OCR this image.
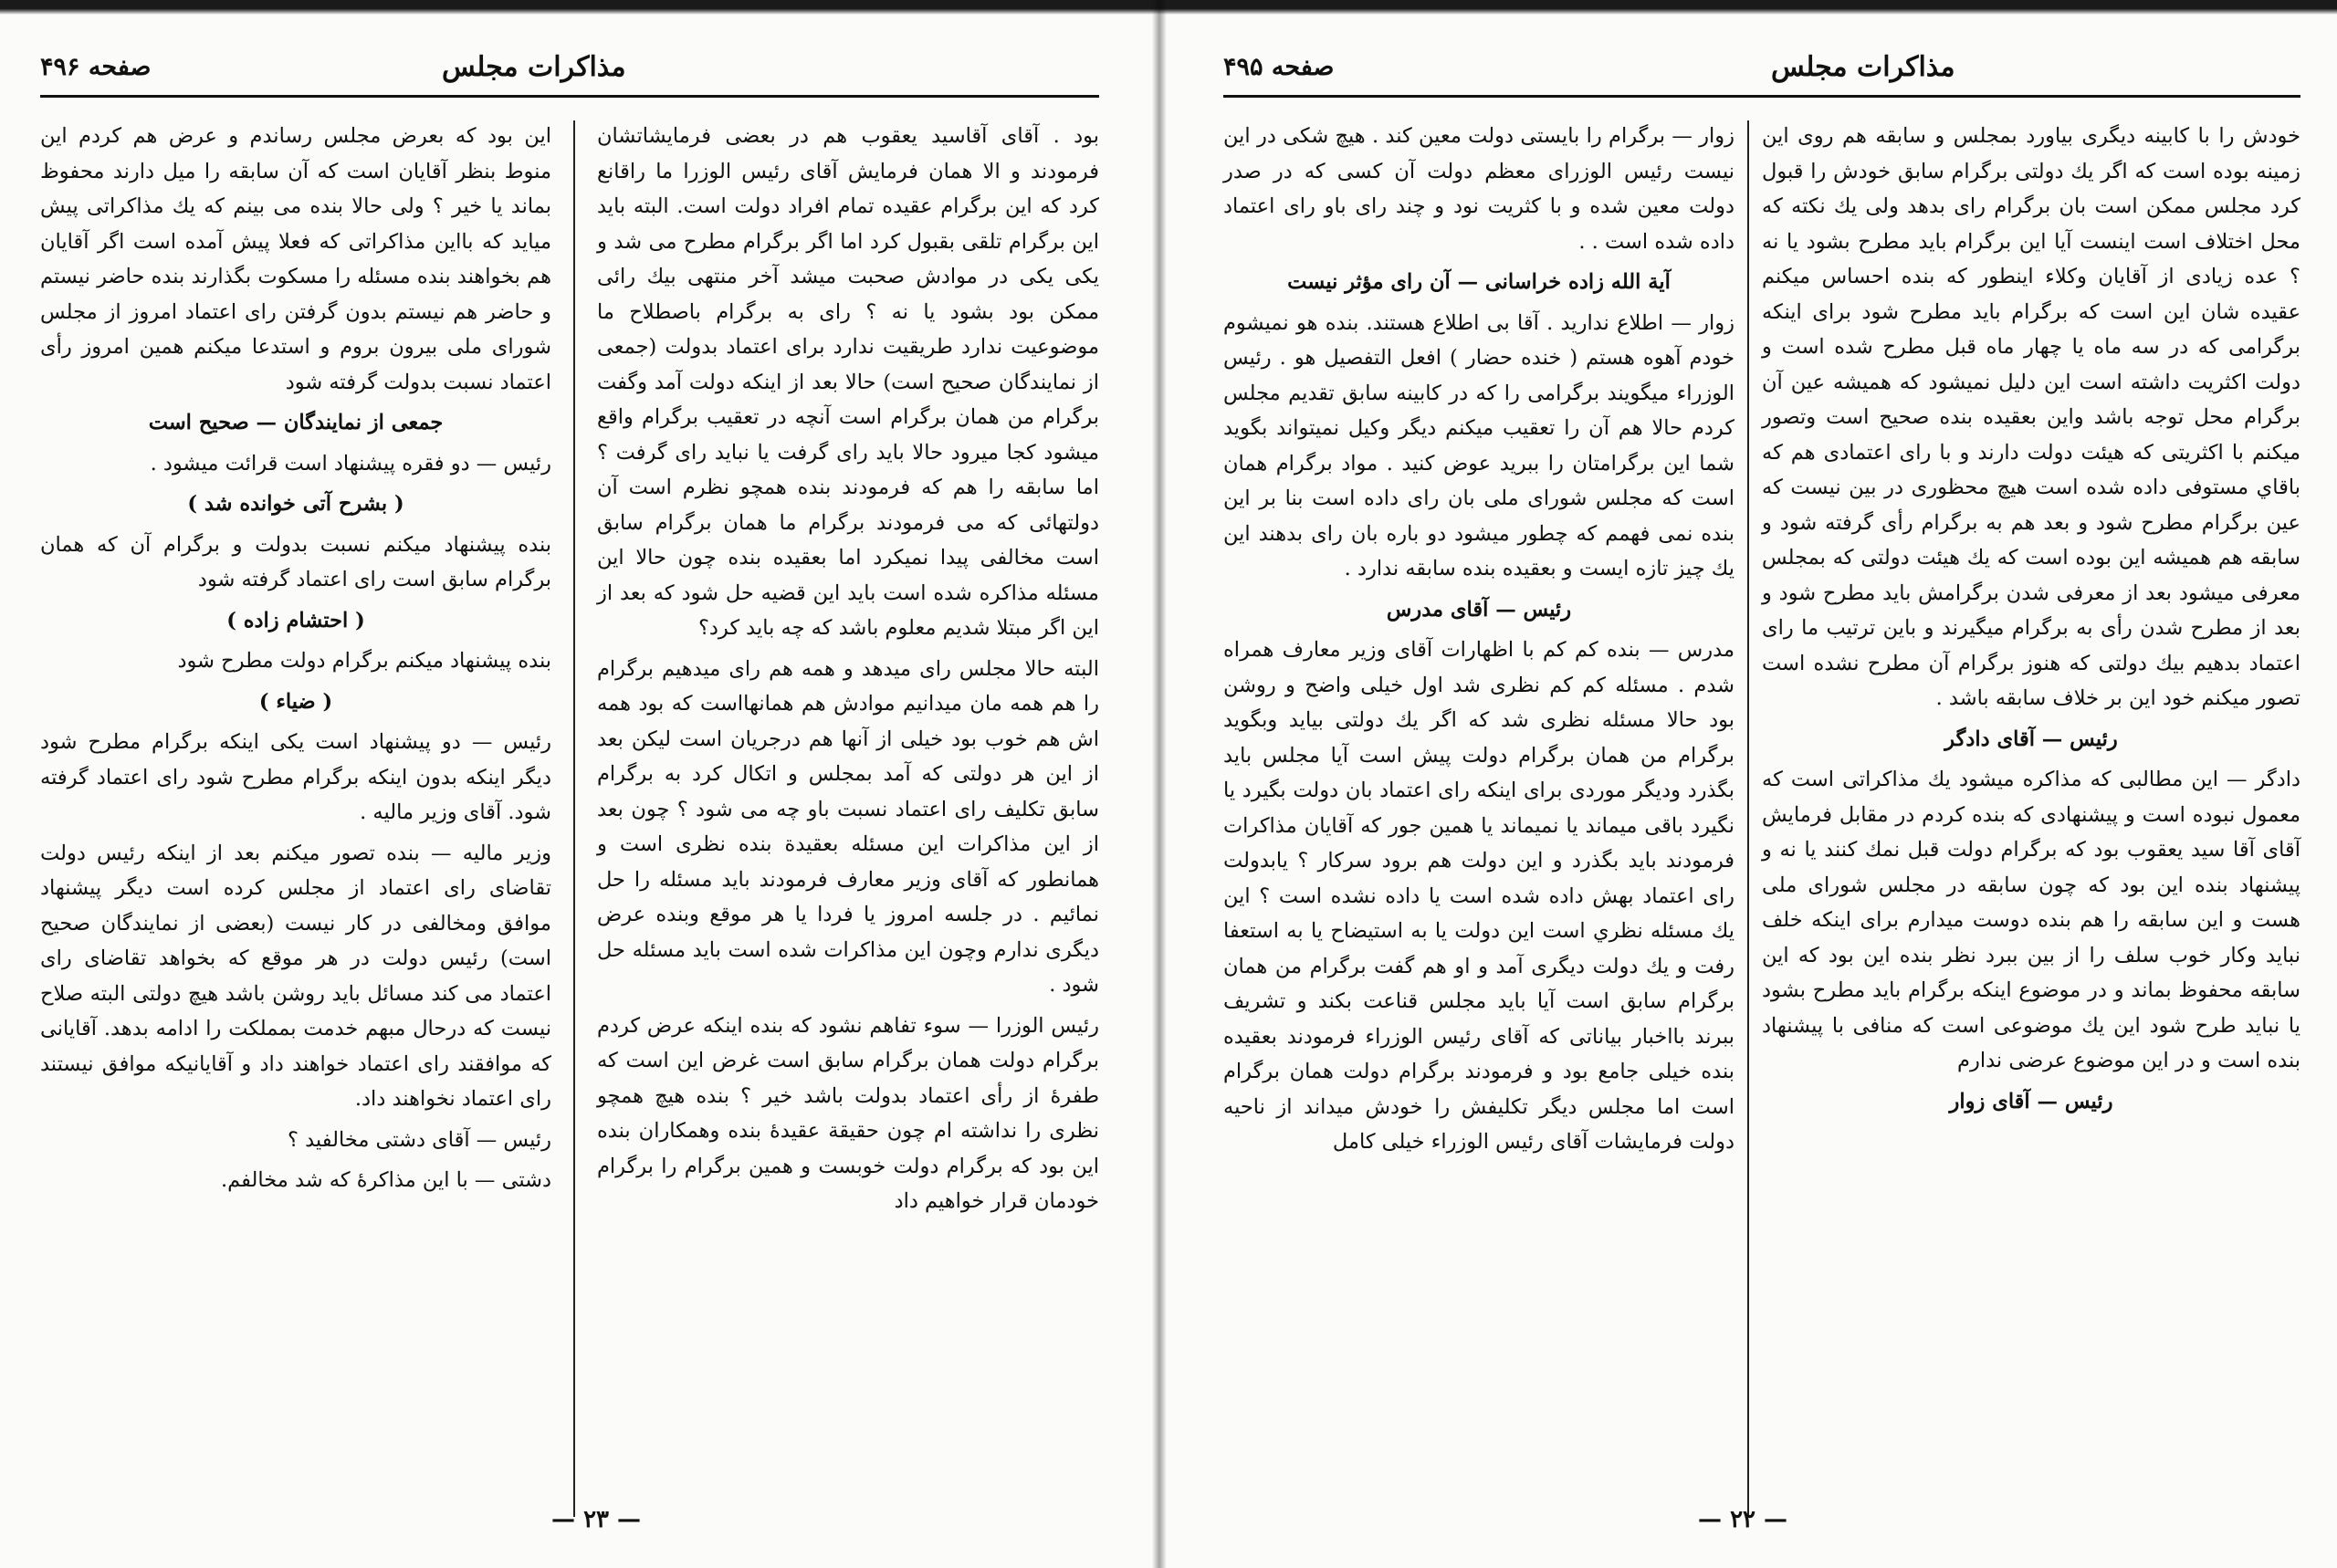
مذاکرات مجلس
صفحه ۴۹۶

بود . آقای آقاسید یعقوب هم در بعضی فرمایشاتشان فرمودند و الا همان فرمایش آقای رئیس الوزرا ما راقانع کرد که این برگرام عقیده تمام افراد دولت است. البته باید این برگرام تلقی بقبول کرد اما اگر برگرام مطرح می شد و یکی یکی در موادش صحبت میشد آخر منتهی بیك رائی ممکن بود بشود یا نه ؟ رای به برگرام باصطلاح ما موضوعیت ندارد طریقیت ندارد برای اعتماد بدولت (جمعی از نمایندگان صحیح است) حالا بعد از اینکه دولت آمد وگفت برگرام من همان برگرام است آنچه در تعقیب برگرام واقع میشود کجا میرود حالا باید رای گرفت یا نباید رای گرفت ؟ اما سابقه را هم که فرمودند بنده همچو نظرم است آن دولتهائی که می فرمودند برگرام ما همان برگرام سابق است مخالفی پیدا نمیکرد اما بعقیده بنده چون حالا این مسئله مذاکره شده است باید این قضیه حل شود که بعد از این اگر مبتلا شدیم معلوم باشد که چه باید کرد؟

البته حالا مجلس رای میدهد و همه هم رای میدهیم برگرام را هم همه مان میدانیم موادش هم همانهااست که بود همه اش هم خوب بود خیلی از آنها هم درجریان است لیکن بعد از این هر دولتی که آمد بمجلس و اتکال کرد به برگرام سابق تکلیف رای اعتماد نسبت باو چه می شود ؟ چون بعد از این مذاکرات این مسئله بعقیدة بنده نظری است و همانطور که آقای وزیر معارف فرمودند باید مسئله را حل نمائیم . در جلسه امروز یا فردا یا هر موقع وبنده عرض دیگری ندارم وچون این مذاکرات شده است باید مسئله حل شود .

رئیس الوزرا — سوء تفاهم نشود که بنده اینکه عرض کردم برگرام دولت همان برگرام سابق است غرض این است که طفرهٔ از رأی اعتماد بدولت باشد خیر ؟ بنده هیچ همچو نظری را نداشته ام چون حقیقة عقیدهٔ بنده وهمکاران بنده این بود که برگرام دولت خوبست و همین برگرام را برگرام خودمان قرار خواهیم داد

این بود که بعرض مجلس رساندم و عرض هم کردم این منوط بنظر آقایان است که آن سابقه را میل دارند محفوظ بماند یا خیر ؟ ولی حالا بنده می بینم که یك مذاکراتی پیش میاید که بااین مذاکراتی که فعلا پیش آمده است اگر آقایان هم بخواهند بنده مسئله را مسکوت بگذارند بنده حاضر نیستم و حاضر هم نیستم بدون گرفتن رای اعتماد امروز از مجلس شورای ملی بیرون بروم و استدعا میکنم همین امروز رأی اعتماد نسبت بدولت گرفته شود

جمعی از نمایندگان — صحیح است

رئیس — دو فقره پیشنهاد است قرائت میشود .

( بشرح آتی خوانده شد )

بنده پیشنهاد میکنم نسبت بدولت و برگرام آن که همان برگرام سابق است رای اعتماد گرفته شود

( احتشام زاده )

بنده پیشنهاد میکنم برگرام دولت مطرح شود

( ضیاء )

رئیس — دو پیشنهاد است یکی اینکه برگرام مطرح شود دیگر اینکه بدون اینکه برگرام مطرح شود رای اعتماد گرفته شود. آقای وزیر مالیه .

وزیر مالیه — بنده تصور میکنم بعد از اینکه رئیس دولت تقاضای رای اعتماد از مجلس کرده است دیگر پیشنهاد موافق ومخالفی در کار نیست (بعضی از نمایندگان صحیح است) رئیس دولت در هر موقع که بخواهد تقاضای رای اعتماد می کند مسائل باید روشن باشد هیچ دولتی البته صلاح نیست که درحال مبهم خدمت بمملکت را ادامه بدهد. آقایانی که موافقند رای اعتماد خواهند داد و آقایانیکه موافق نیستند رای اعتماد نخواهند داد.

رئیس — آقای دشتی مخالفید ؟

دشتی — با این مذاکرهٔ که شد مخالفم.

— ۲۳ —
مذاکرات مجلس
صفحه ۴۹۵

خودش را با کابینه دیگری بیاورد بمجلس و سابقه هم روی این زمینه بوده است که اگر یك دولتی برگرام سابق خودش را قبول کرد مجلس ممکن است بان برگرام رای بدهد ولی یك نکته که محل اختلاف است اینست آیا این برگرام باید مطرح بشود یا نه ؟ عده زیادی از آقایان وکلاء اینطور که بنده احساس میکنم عقیده شان این است که برگرام باید مطرح شود برای اینکه برگرامی که در سه ماه یا چهار ماه قبل مطرح شده است و دولت اکثریت داشته است این دلیل نمیشود که همیشه عین آن برگرام محل توجه باشد واین بعقیده بنده صحیح است وتصور میکنم با اکثریتی که هیئت دولت دارند و با رای اعتمادی هم که باقاي مستوفی داده شده است هیچ محظوری در بین نیست که عین برگرام مطرح شود و بعد هم به برگرام رأی گرفته شود و سابقه هم همیشه این بوده است که یك هیئت دولتی که بمجلس معرفی میشود بعد از معرفی شدن برگرامش باید مطرح شود و بعد از مطرح شدن رأی به برگرام میگیرند و باین ترتیب ما رای اعتماد بدهیم بیك دولتی که هنوز برگرام آن مطرح نشده است تصور میکنم خود این بر خلاف سابقه باشد .

رئیس — آقای دادگر

دادگر — این مطالبی که مذاکره میشود یك مذاکراتی است که معمول نبوده است و پیشنهادی که بنده کردم در مقابل فرمایش آقای آقا سید یعقوب بود که برگرام دولت قبل نمك کنند یا نه و پیشنهاد بنده این بود که چون سابقه در مجلس شورای ملی هست و این سابقه را هم بنده دوست میدارم برای اینکه خلف نباید وکار خوب سلف را از بین ببرد نظر بنده این بود که این سابقه محفوظ بماند و در موضوع اینکه برگرام باید مطرح بشود یا نباید طرح شود این یك موضوعی است که منافی با پیشنهاد بنده است و در این موضوع عرضی ندارم

رئیس — آقای زوار

زوار — برگرام را بایستی دولت معین کند . هیچ شکی در این نیست رئیس الوزرای معظم دولت آن کسی که در صدر دولت معین شده و با کثریت نود و چند رای باو رای اعتماد داده شده است . .

آیة الله زاده خراسانی — آن رای مؤثر نیست

زوار — اطلاع ندارید . آقا بی اطلاع هستند. بنده هو نمیشوم خودم آهوه هستم ( خنده حضار ) افعل التفصیل هو . رئیس الوزراء میگویند برگرامی را که در کابینه سابق تقدیم مجلس کردم حالا هم آن را تعقیب میکنم دیگر وکیل نمیتواند بگوید شما این برگرامتان را ببرید عوض کنید . مواد برگرام همان است که مجلس شورای ملی بان رای داده است بنا بر این بنده نمی فهمم که چطور میشود دو باره بان رای بدهند این یك چیز تازه ایست و بعقیده بنده سابقه ندارد .

رئیس — آقای مدرس

مدرس — بنده کم کم با اظهارات آقای وزیر معارف همراه شدم . مسئله کم کم نظری شد اول خیلی واضح و روشن بود حالا مسئله نظری شد که اگر یك دولتی بیاید وبگوید برگرام من همان برگرام دولت پیش است آیا مجلس باید بگذرد ودیگر موردی برای اینکه رای اعتماد بان دولت بگیرد یا نگیرد باقی میماند یا نمیماند یا همین جور که آقایان مذاکرات فرمودند باید بگذرد و این دولت هم برود سرکار ؟ یابدولت رای اعتماد بهش داده شده است یا داده نشده است ؟ این یك مسئله نظري است این دولت یا به استیضاح یا به استعفا رفت و یك دولت دیگری آمد و او هم گفت برگرام من همان برگرام سابق است آیا باید مجلس قناعت بکند و تشریف ببرند بااخبار بیاناتی که آقای رئیس الوزراء فرمودند بعقیده بنده خیلی جامع بود و فرمودند برگرام دولت همان برگرام است اما مجلس دیگر تکلیفش را خودش میداند از ناحیه دولت فرمایشات آقای رئیس الوزراء خیلی کامل

— ۲۲ —
